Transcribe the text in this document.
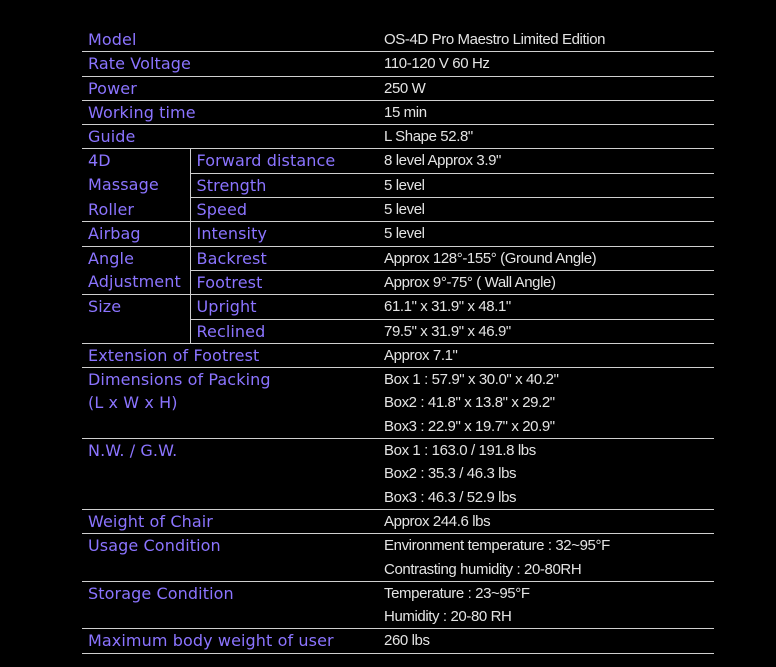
Model		OS-4D Pro Maestro Limited Edition
Rate Voltage		110-120 V 60 Hz
Power		250 W
Working time		15 min
Guide		L Shape 52.8"
4D	Forward distance	8 level Approx 3.9"
Massage	Strength	5 level
Roller	Speed	5 level
Airbag	Intensity	5 level
Angle	Backrest	Approx 128°-155° (Ground Angle)
Adjustment	Footrest	Approx 9°-75° ( Wall Angle)
Size	Upright	61.1" x 31.9" x 48.1"
	Reclined	79.5" x 31.9" x 46.9"
Extension of Footrest		Approx 7.1"
Dimensions of Packing		Box 1 : 57.9" x 30.0" x 40.2"
(L x W x H)		Box2 : 41.8" x 13.8" x 29.2"
		Box3 : 22.9" x 19.7" x 20.9"
N.W. / G.W.		Box 1 : 163.0 / 191.8 lbs
		Box2 : 35.3 / 46.3 lbs
		Box3 : 46.3 / 52.9 lbs
Weight of Chair		Approx 244.6 lbs
Usage Condition		Environment temperature : 32~95°F
		Contrasting humidity : 20-80RH
Storage Condition		Temperature : 23~95°F
		Humidity : 20-80 RH
Maximum body weight of user		260 lbs
